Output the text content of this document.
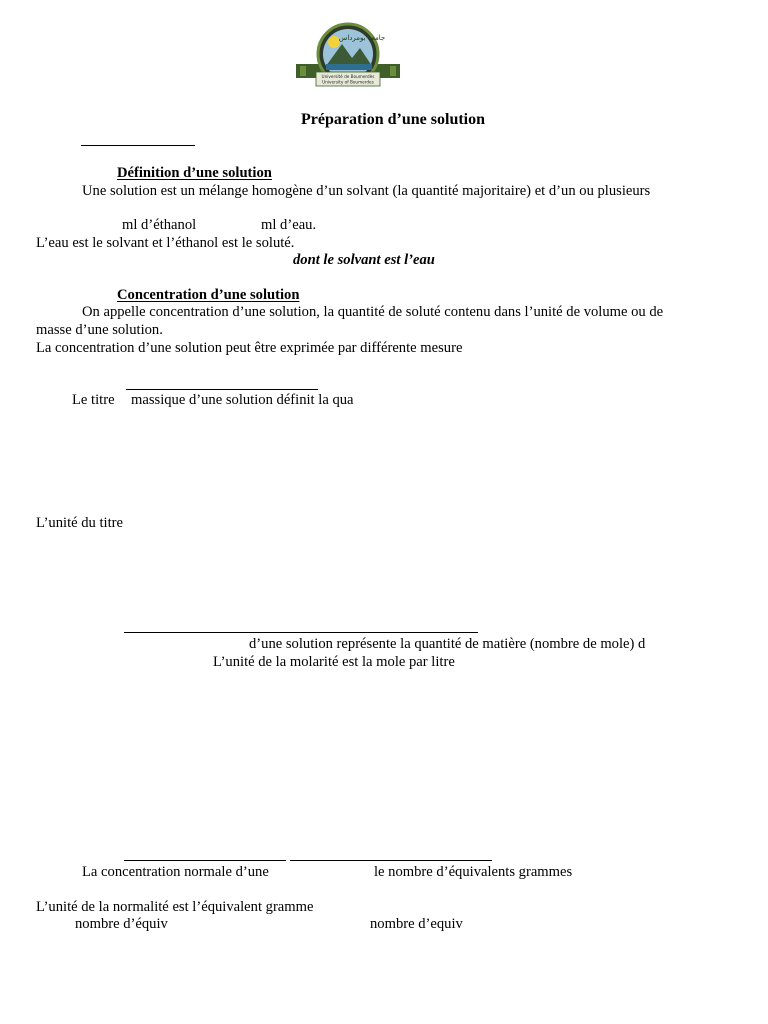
جامعة بومرداس
Université de Boumerdès
University of Boumerdes
Préparation d’une solution
Définition d’une solution
Une solution est un mélange homogène d’un solvant (la quantité majoritaire) et d’un ou plusieurs
ml d’éthanol	ml d’eau.
L’eau est le solvant et l’éthanol est le soluté.
dont le solvant est l’eau
Concentration d’une solution
On appelle concentration d’une solution, la quantité de soluté contenu dans l’unité de volume ou de
masse d’une solution.
La concentration d’une solution peut être exprimée par différente mesure
Le titre massique d’une solution définit la qua
L’unité du titre
d’une solution représente la quantité de matière (nombre de mole) d
L’unité de la molarité est la mole par litre
La concentration normale d’une	le nombre d’équivalents grammes
L’unité de la normalité est l’équivalent gramme
nombre d’équiv	nombre d’equiv
